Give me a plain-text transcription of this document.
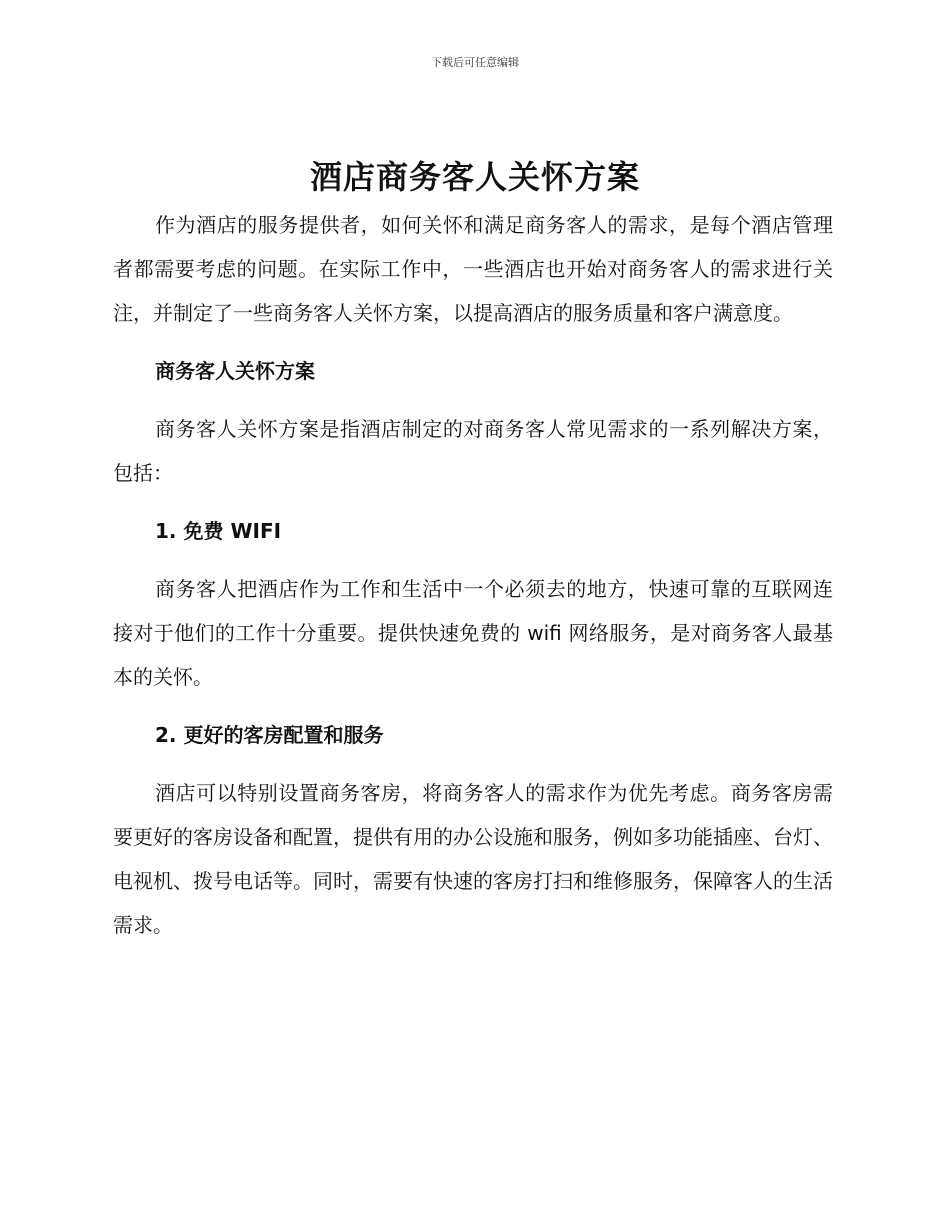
下载后可任意编辑
酒店商务客人关怀方案

作为酒店的服务提供者，如何关怀和满足商务客人的需求，是每个酒店管理者都需要考虑的问题。在实际工作中，一些酒店也开始对商务客人的需求进行关注，并制定了一些商务客人关怀方案，以提高酒店的服务质量和客户满意度。

商务客人关怀方案

商务客人关怀方案是指酒店制定的对商务客人常见需求的一系列解决方案，包括：

1. 免费 WIFI

商务客人把酒店作为工作和生活中一个必须去的地方，快速可靠的互联网连接对于他们的工作十分重要。提供快速免费的 wifi 网络服务，是对商务客人最基本的关怀。

2. 更好的客房配置和服务

酒店可以特别设置商务客房，将商务客人的需求作为优先考虑。商务客房需要更好的客房设备和配置，提供有用的办公设施和服务，例如多功能插座、台灯、电视机、拨号电话等。同时，需要有快速的客房打扫和维修服务，保障客人的生活需求。
